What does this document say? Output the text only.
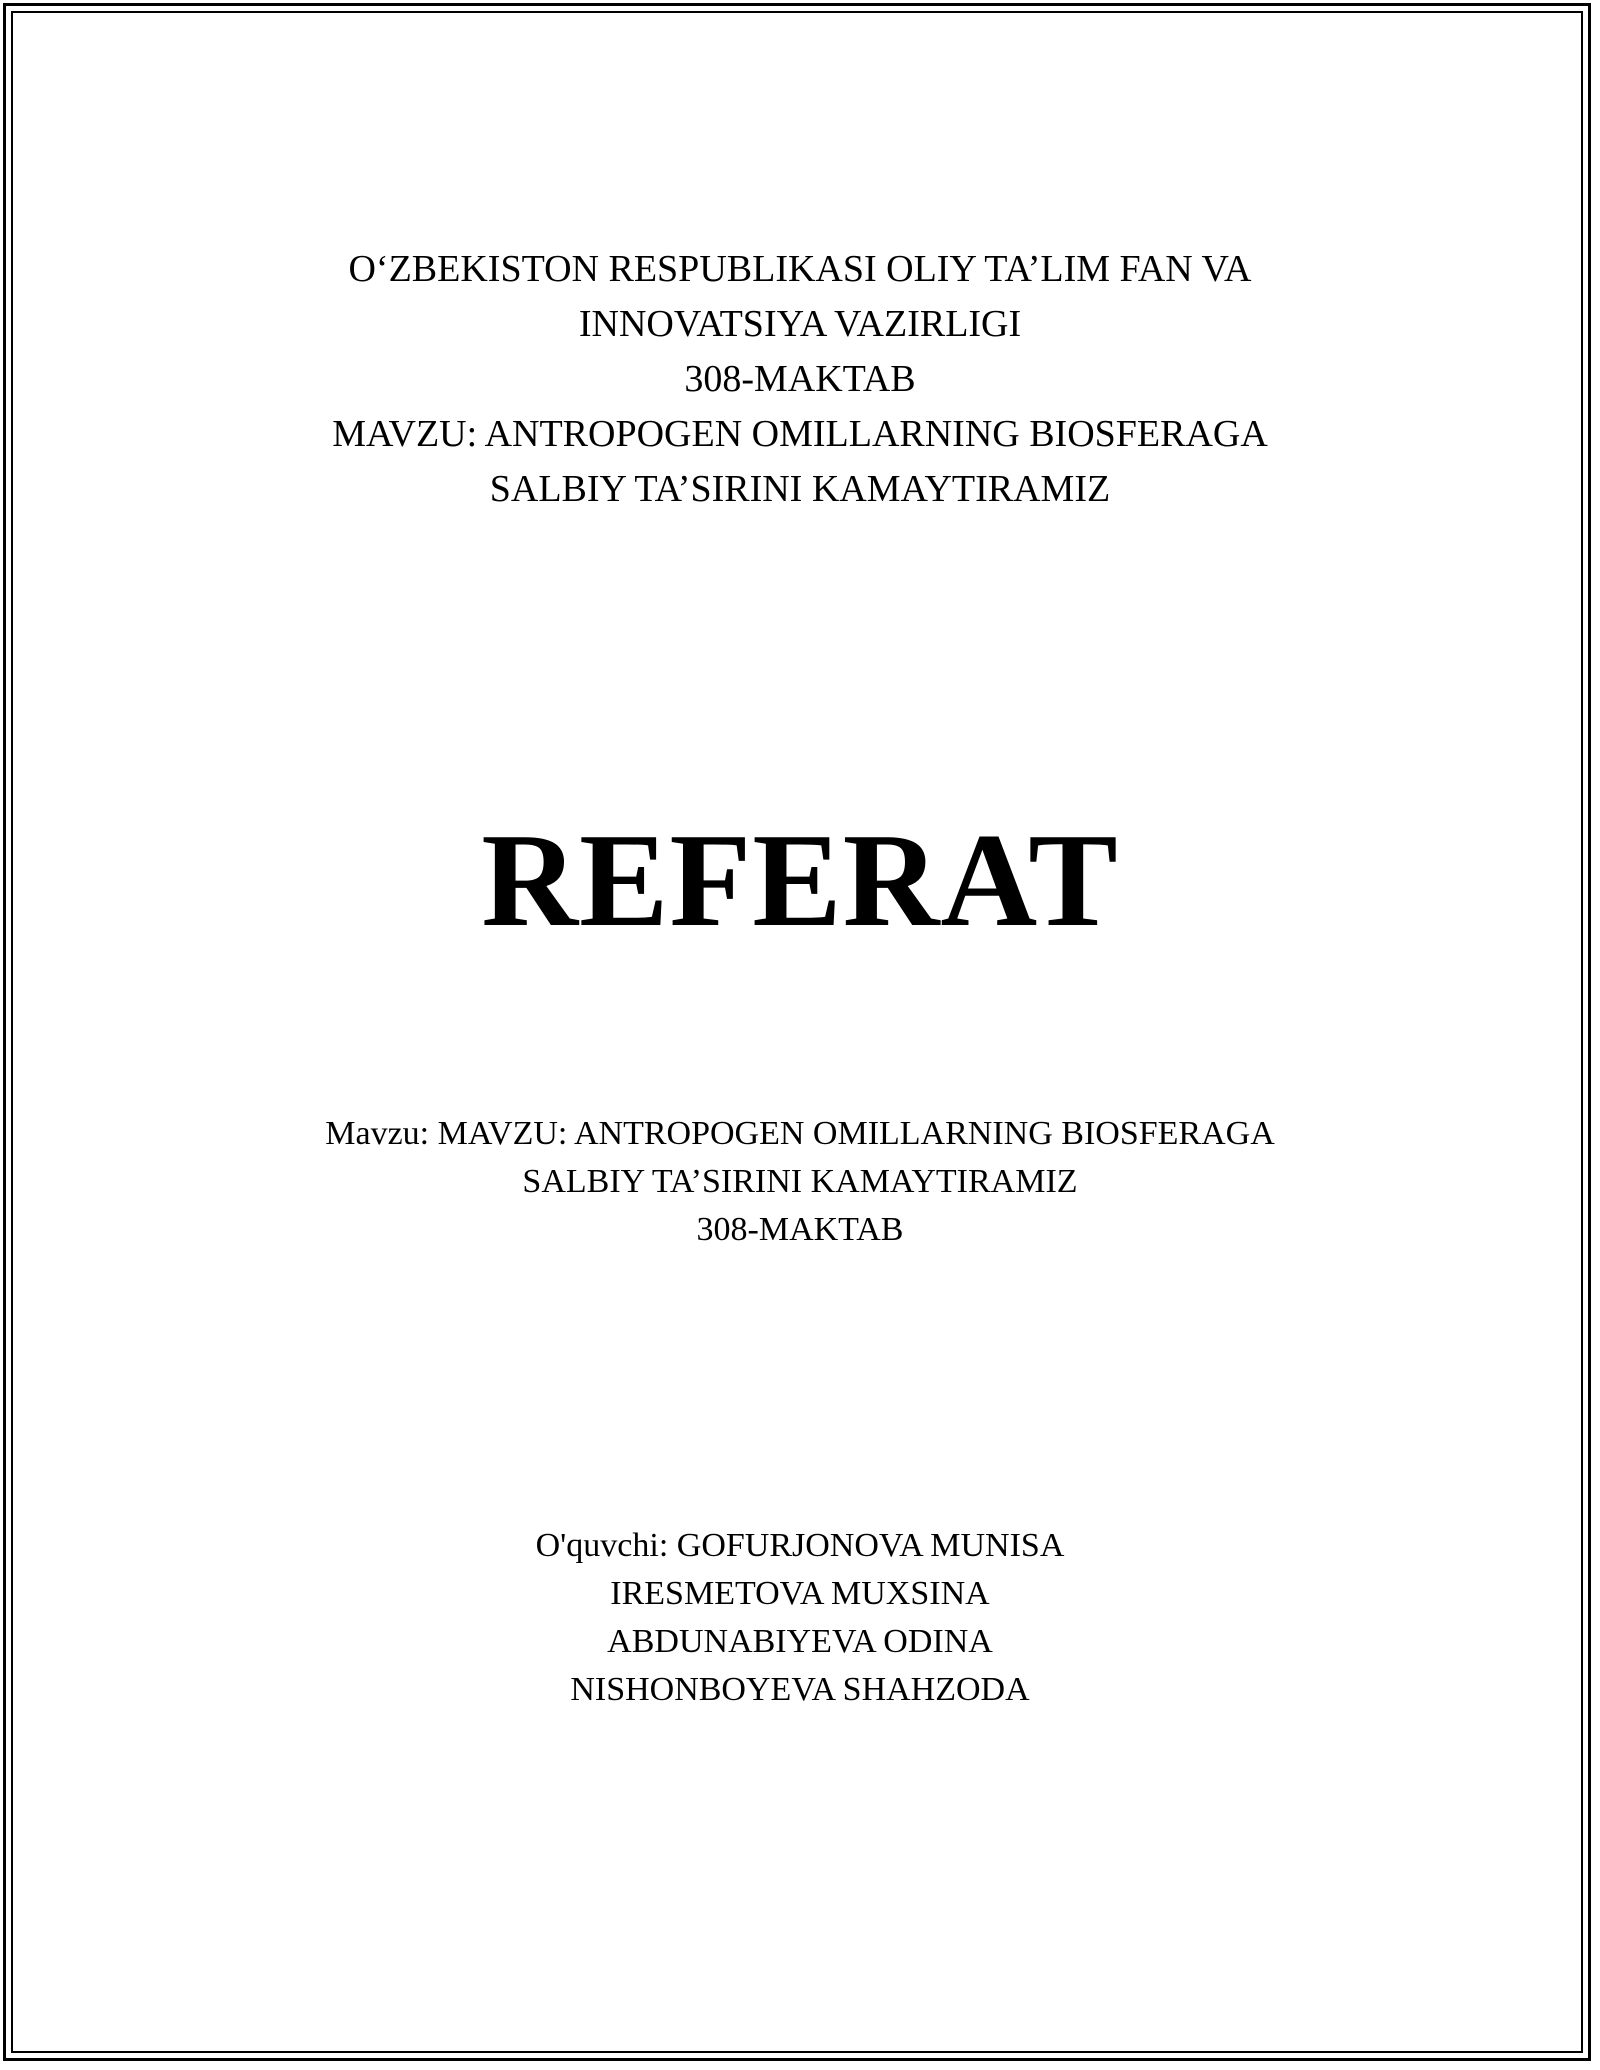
O‘ZBEKISTON RESPUBLIKASI OLIY TA’LIM FAN VA
INNOVATSIYA VAZIRLIGI
308-MAKTAB
MAVZU: ANTROPOGEN OMILLARNING BIOSFERAGA
SALBIY TA’SIRINI KAMAYTIRAMIZ
REFERAT
Mavzu: MAVZU: ANTROPOGEN OMILLARNING BIOSFERAGA
SALBIY TA’SIRINI KAMAYTIRAMIZ
308-MAKTAB
O'quvchi: GOFURJONOVA MUNISA
IRESMETOVA MUXSINA
ABDUNABIYEVA ODINA
NISHONBOYEVA SHAHZODA
